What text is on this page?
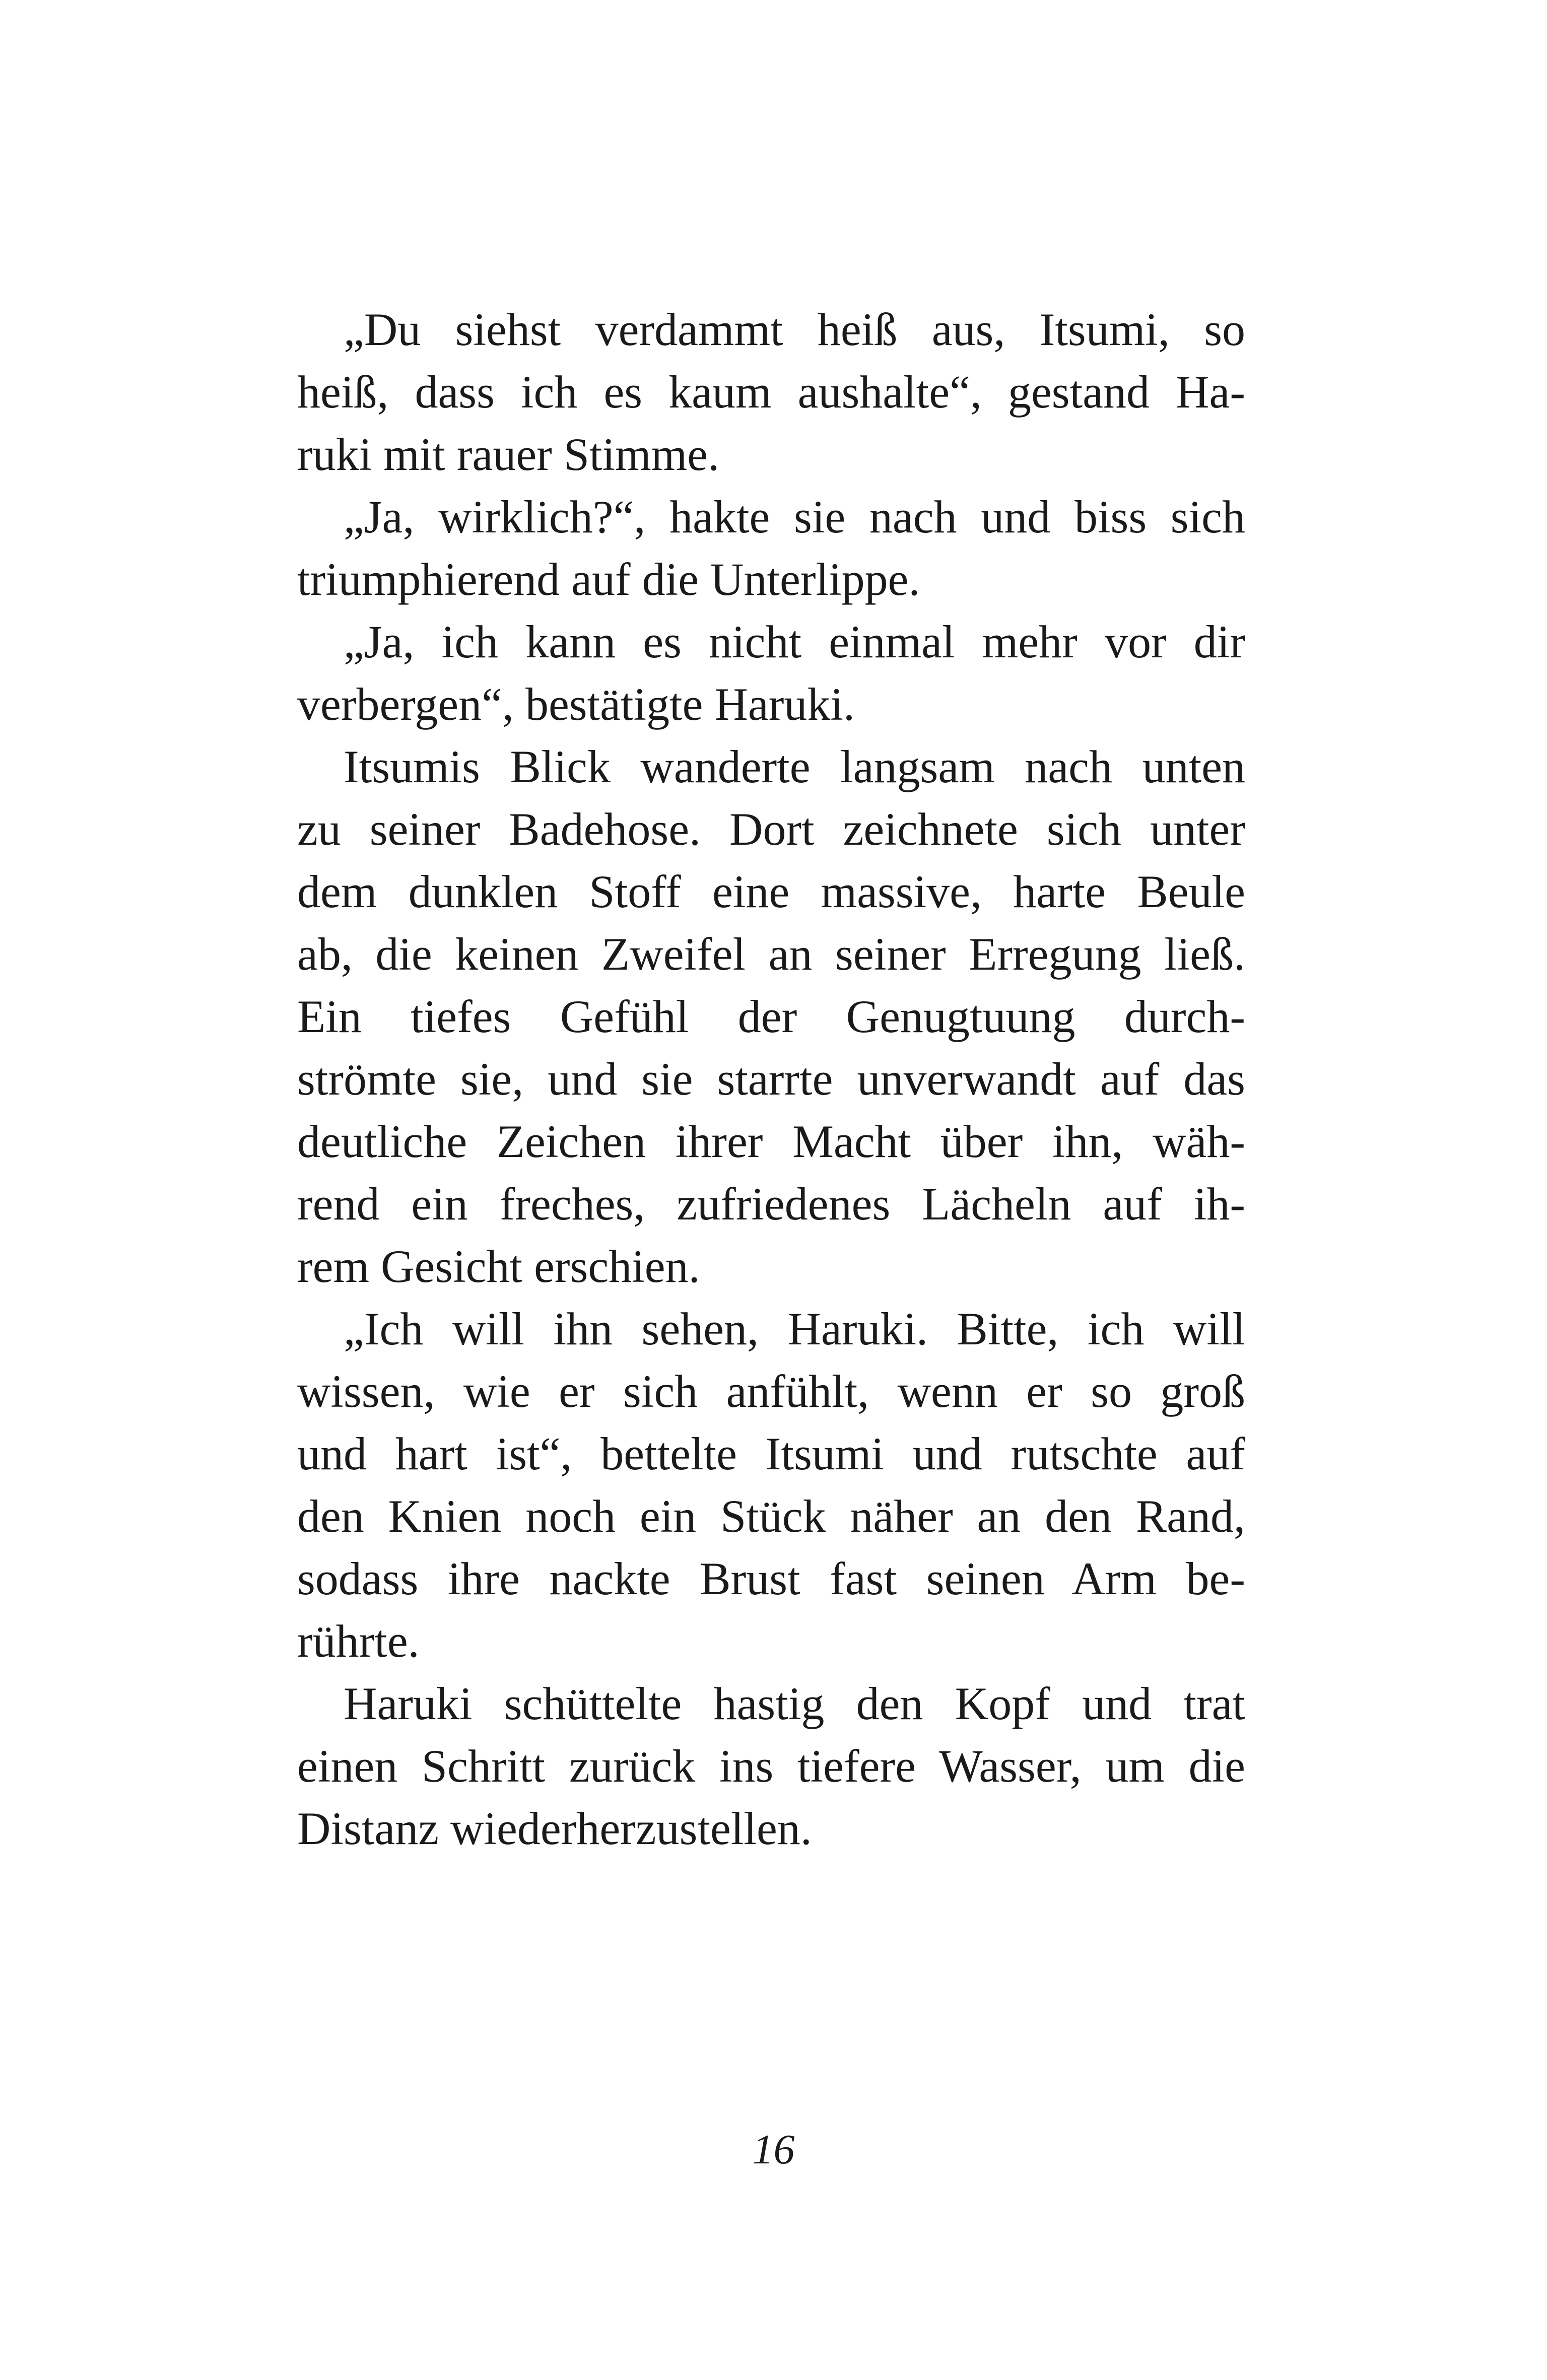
„Du siehst verdammt heiß aus, Itsumi, so
heiß, dass ich es kaum aushalte“, gestand Ha-
ruki mit rauer Stimme.
„Ja, wirklich?“, hakte sie nach und biss sich
triumphierend auf die Unterlippe.
„Ja, ich kann es nicht einmal mehr vor dir
verbergen“, bestätigte Haruki.
Itsumis Blick wanderte langsam nach unten
zu seiner Badehose. Dort zeichnete sich unter
dem dunklen Stoff eine massive, harte Beule
ab, die keinen Zweifel an seiner Erregung ließ.
Ein tiefes Gefühl der Genugtuung durch-
strömte sie, und sie starrte unverwandt auf das
deutliche Zeichen ihrer Macht über ihn, wäh-
rend ein freches, zufriedenes Lächeln auf ih-
rem Gesicht erschien.
„Ich will ihn sehen, Haruki. Bitte, ich will
wissen, wie er sich anfühlt, wenn er so groß
und hart ist“, bettelte Itsumi und rutschte auf
den Knien noch ein Stück näher an den Rand,
sodass ihre nackte Brust fast seinen Arm be-
rührte.
Haruki schüttelte hastig den Kopf und trat
einen Schritt zurück ins tiefere Wasser, um die
Distanz wiederherzustellen.
16
